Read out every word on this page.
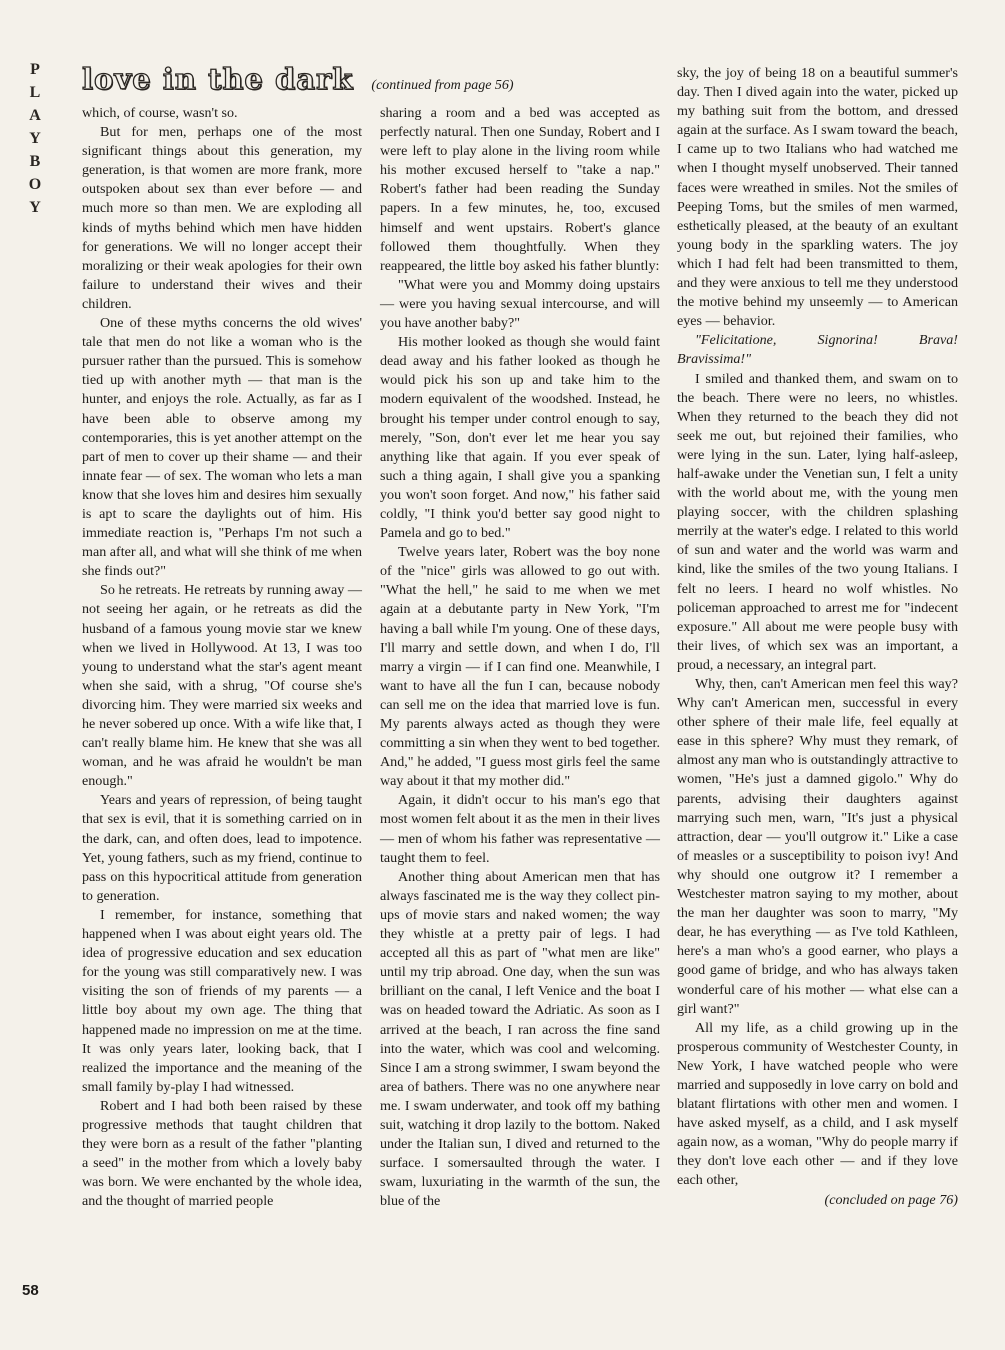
P
L
A
Y
B
O
Y
love in the dark (continued from page 56)

which, of course, wasn't so.

But for men, perhaps one of the most significant things about this generation, my generation, is that women are more frank, more outspoken about sex than ever before — and much more so than men. We are exploding all kinds of myths behind which men have hidden for generations. We will no longer accept their moralizing or their weak apologies for their own failure to understand their wives and their children.

One of these myths concerns the old wives' tale that men do not like a woman who is the pursuer rather than the pursued. This is somehow tied up with another myth — that man is the hunter, and enjoys the role. Actually, as far as I have been able to observe among my contemporaries, this is yet another attempt on the part of men to cover up their shame — and their innate fear — of sex. The woman who lets a man know that she loves him and desires him sexually is apt to scare the daylights out of him. His immediate reaction is, "Perhaps I'm not such a man after all, and what will she think of me when she finds out?"

So he retreats. He retreats by running away — not seeing her again, or he retreats as did the husband of a famous young movie star we knew when we lived in Hollywood. At 13, I was too young to understand what the star's agent meant when she said, with a shrug, "Of course she's divorcing him. They were married six weeks and he never sobered up once. With a wife like that, I can't really blame him. He knew that she was all woman, and he was afraid he wouldn't be man enough."

Years and years of repression, of being taught that sex is evil, that it is something carried on in the dark, can, and often does, lead to impotence. Yet, young fathers, such as my friend, continue to pass on this hypocritical attitude from generation to generation.

I remember, for instance, something that happened when I was about eight years old. The idea of progressive education and sex education for the young was still comparatively new. I was visiting the son of friends of my parents — a little boy about my own age. The thing that happened made no impression on me at the time. It was only years later, looking back, that I realized the importance and the meaning of the small family by-play I had witnessed.

Robert and I had both been raised by these progressive methods that taught children that they were born as a result of the father "planting a seed" in the mother from which a lovely baby was born. We were enchanted by the whole idea, and the thought of married people

sharing a room and a bed was accepted as perfectly natural. Then one Sunday, Robert and I were left to play alone in the living room while his mother excused herself to "take a nap." Robert's father had been reading the Sunday papers. In a few minutes, he, too, excused himself and went upstairs. Robert's glance followed them thoughtfully. When they reappeared, the little boy asked his father bluntly:

"What were you and Mommy doing upstairs — were you having sexual intercourse, and will you have another baby?"

His mother looked as though she would faint dead away and his father looked as though he would pick his son up and take him to the modern equivalent of the woodshed. Instead, he brought his temper under control enough to say, merely, "Son, don't ever let me hear you say anything like that again. If you ever speak of such a thing again, I shall give you a spanking you won't soon forget. And now," his father said coldly, "I think you'd better say good night to Pamela and go to bed."

Twelve years later, Robert was the boy none of the "nice" girls was allowed to go out with. "What the hell," he said to me when we met again at a debutante party in New York, "I'm having a ball while I'm young. One of these days, I'll marry and settle down, and when I do, I'll marry a virgin — if I can find one. Meanwhile, I want to have all the fun I can, because nobody can sell me on the idea that married love is fun. My parents always acted as though they were committing a sin when they went to bed together. And," he added, "I guess most girls feel the same way about it that my mother did."

Again, it didn't occur to his man's ego that most women felt about it as the men in their lives — men of whom his father was representative — taught them to feel.

Another thing about American men that has always fascinated me is the way they collect pin-ups of movie stars and naked women; the way they whistle at a pretty pair of legs. I had accepted all this as part of "what men are like" until my trip abroad. One day, when the sun was brilliant on the canal, I left Venice and the boat I was on headed toward the Adriatic. As soon as I arrived at the beach, I ran across the fine sand into the water, which was cool and welcoming. Since I am a strong swimmer, I swam beyond the area of bathers. There was no one anywhere near me. I swam underwater, and took off my bathing suit, watching it drop lazily to the bottom. Naked under the Italian sun, I dived and returned to the surface. I somersaulted through the water. I swam, luxuriating in the warmth of the sun, the blue of the

sky, the joy of being 18 on a beautiful summer's day. Then I dived again into the water, picked up my bathing suit from the bottom, and dressed again at the surface. As I swam toward the beach, I came up to two Italians who had watched me when I thought myself unobserved. Their tanned faces were wreathed in smiles. Not the smiles of Peeping Toms, but the smiles of men warmed, esthetically pleased, at the beauty of an exultant young body in the sparkling waters. The joy which I had felt had been transmitted to them, and they were anxious to tell me they understood the motive behind my unseemly — to American eyes — behavior.

"Felicitatione, Signorina! Brava! Bravissima!"

I smiled and thanked them, and swam on to the beach. There were no leers, no whistles. When they returned to the beach they did not seek me out, but rejoined their families, who were lying in the sun. Later, lying half-asleep, half-awake under the Venetian sun, I felt a unity with the world about me, with the young men playing soccer, with the children splashing merrily at the water's edge. I related to this world of sun and water and the world was warm and kind, like the smiles of the two young Italians. I felt no leers. I heard no wolf whistles. No policeman approached to arrest me for "indecent exposure." All about me were people busy with their lives, of which sex was an important, a proud, a necessary, an integral part.

Why, then, can't American men feel this way? Why can't American men, successful in every other sphere of their male life, feel equally at ease in this sphere? Why must they remark, of almost any man who is outstandingly attractive to women, "He's just a damned gigolo." Why do parents, advising their daughters against marrying such men, warn, "It's just a physical attraction, dear — you'll outgrow it." Like a case of measles or a susceptibility to poison ivy! And why should one outgrow it? I remember a Westchester matron saying to my mother, about the man her daughter was soon to marry, "My dear, he has everything — as I've told Kathleen, here's a man who's a good earner, who plays a good game of bridge, and who has always taken wonderful care of his mother — what else can a girl want?"

All my life, as a child growing up in the prosperous community of Westchester County, in New York, I have watched people who were married and supposedly in love carry on bold and blatant flirtations with other men and women. I have asked myself, as a child, and I ask myself again now, as a woman, "Why do people marry if they don't love each other — and if they love each other,

(concluded on page 76)

58
